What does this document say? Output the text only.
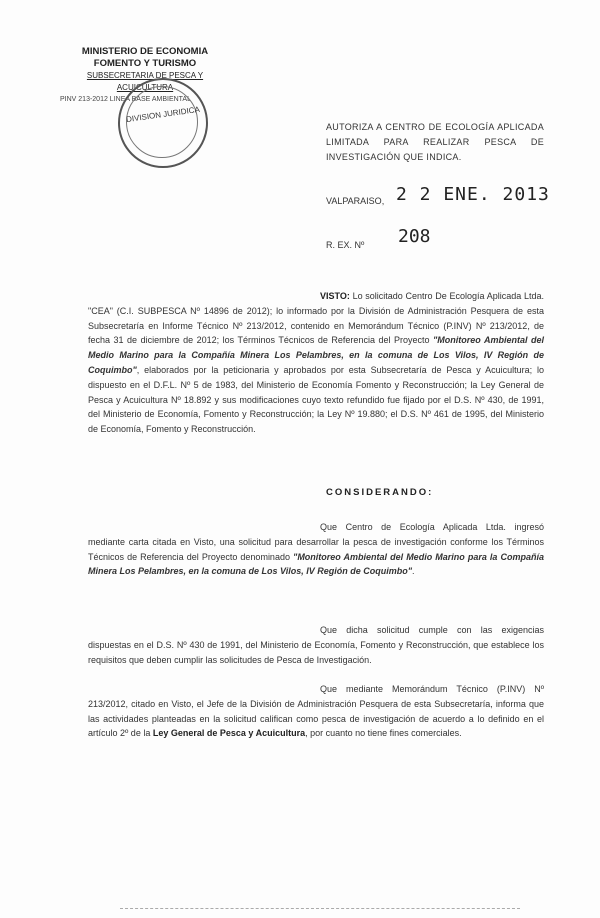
MINISTERIO DE ECONOMIA
FOMENTO Y TURISMO
SUBSECRETARIA DE PESCA Y ACUICULTURA
PINV 213-2012 LINEA BASE AMBIENTAL
DIVISION JURIDICA
AUTORIZA A CENTRO DE ECOLOGÍA APLICADA LIMITADA PARA REALIZAR PESCA DE INVESTIGACIÓN QUE INDICA.
VALPARAISO, 2 2 ENE. 2013
R. EX. Nº 208
VISTO: Lo solicitado Centro De Ecología Aplicada Ltda. "CEA" (C.I. SUBPESCA Nº 14896 de 2012); lo informado por la División de Administración Pesquera de esta Subsecretaría en Informe Técnico Nº 213/2012, contenido en Memorándum Técnico (P.INV) Nº 213/2012, de fecha 31 de diciembre de 2012; los Términos Técnicos de Referencia del Proyecto "Monitoreo Ambiental del Medio Marino para la Compañía Minera Los Pelambres, en la comuna de Los Vilos, IV Región de Coquimbo", elaborados por la peticionaria y aprobados por esta Subsecretaría de Pesca y Acuicultura; lo dispuesto en el D.F.L. Nº 5 de 1983, del Ministerio de Economía Fomento y Reconstrucción; la Ley General de Pesca y Acuicultura Nº 18.892 y sus modificaciones cuyo texto refundido fue fijado por el D.S. Nº 430, de 1991, del Ministerio de Economía, Fomento y Reconstrucción; la Ley Nº 19.880; el D.S. Nº 461 de 1995, del Ministerio de Economía, Fomento y Reconstrucción.
CONSIDERANDO:
Que Centro de Ecología Aplicada Ltda. ingresó mediante carta citada en Visto, una solicitud para desarrollar la pesca de investigación conforme los Términos Técnicos de Referencia del Proyecto denominado "Monitoreo Ambiental del Medio Marino para la Compañía Minera Los Pelambres, en la comuna de Los Vilos, IV Región de Coquimbo".
Que dicha solicitud cumple con las exigencias dispuestas en el D.S. Nº 430 de 1991, del Ministerio de Economía, Fomento y Reconstrucción, que establece los requisitos que deben cumplir las solicitudes de Pesca de Investigación.
Que mediante Memorándum Técnico (P.INV) Nº 213/2012, citado en Visto, el Jefe de la División de Administración Pesquera de esta Subsecretaría, informa que las actividades planteadas en la solicitud califican como pesca de investigación de acuerdo a lo definido en el artículo 2º de la Ley General de Pesca y Acuicultura, por cuanto no tiene fines comerciales.
